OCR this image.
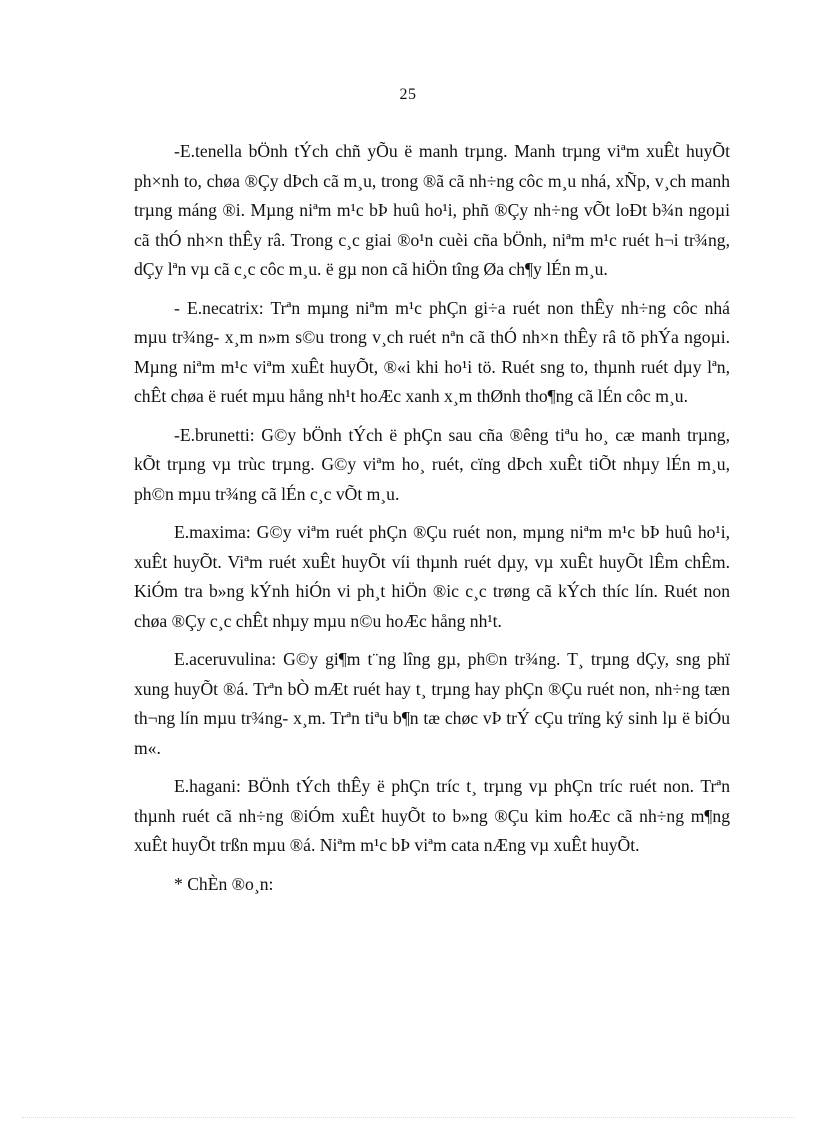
25

-E.tenella bÖnh tÝch chñ yÕu ë manh trµng. Manh trµng viªm xuÊt huyÕt ph×nh to, chøa ®Çy dÞch cã m¸u, trong ®ã cã nh÷ng côc m¸u nhá, xÑp, v¸ch manh trµng máng ®i. Mµng niªm m¹c bÞ huû ho¹i, phñ ®Çy nh÷ng vÕt loÐt b¾n ngoµi cã thÓ nh×n thÊy râ. Trong c¸c giai ®o¹n cuèi cña bÖnh, niªm m¹c ruét h¬i tr¾ng, dÇy lªn vµ cã c¸c côc m¸u. ë gµ non cã hiÖn tîng Øa ch¶y lÉn m¸u.

- E.necatrix: Trªn mµng niªm m¹c phÇn gi÷a ruét non thÊy nh÷ng côc nhá mµu tr¾ng- x¸m n»m s©u trong v¸ch ruét nªn cã thÓ nh×n thÊy râ tõ phÝa ngoµi. Mµng niªm m¹c viªm xuÊt huyÕt, ®«i khi ho¹i tö. Ruét sng to, thµnh ruét dµy lªn, chÊt chøa ë ruét mµu hång nh¹t hoÆc xanh x¸m thØnh tho¶ng cã lÉn côc m¸u.

-E.brunetti: G©y bÖnh tÝch ë phÇn sau cña ®êng tiªu ho¸ cæ manh trµng, kÕt trµng vµ trùc trµng. G©y viªm ho¸ ruét, cïng dÞch xuÊt tiÕt nhµy lÉn m¸u, ph©n mµu tr¾ng cã lÉn c¸c vÕt m¸u.

E.maxima: G©y viªm ruét phÇn ®Çu ruét non, mµng niªm m¹c bÞ huû ho¹i, xuÊt huyÕt. Viªm ruét xuÊt huyÕt víi thµnh ruét dµy, vµ xuÊt huyÕt lÊm chÊm. KiÓm tra b»ng kÝnh hiÓn vi ph¸t hiÖn ®ic c¸c trøng cã kÝch thíc lín. Ruét non chøa ®Çy c¸c chÊt nhµy mµu n©u hoÆc hång nh¹t.

E.aceruvulina: G©y gi¶m t¨ng lîng gµ, ph©n tr¾ng. T¸ trµng dÇy, sng phï xung huyÕt ®á. Trªn bÒ mÆt ruét hay t¸ trµng hay phÇn ®Çu ruét non, nh÷ng tæn th¬ng lín mµu tr¾ng- x¸m. Trªn tiªu b¶n tæ chøc vÞ trÝ cÇu trïng ký sinh lµ ë biÓu m«.

E.hagani: BÖnh tÝch thÊy ë phÇn tríc t¸ trµng vµ phÇn tríc ruét non. Trªn thµnh ruét cã nh÷ng ®iÓm xuÊt huyÕt to b»ng ®Çu kim hoÆc cã nh÷ng m¶ng xuÊt huyÕt trßn mµu ®á. Niªm m¹c bÞ viªm cata nÆng vµ xuÊt huyÕt.

* ChÈn ®o¸n:
